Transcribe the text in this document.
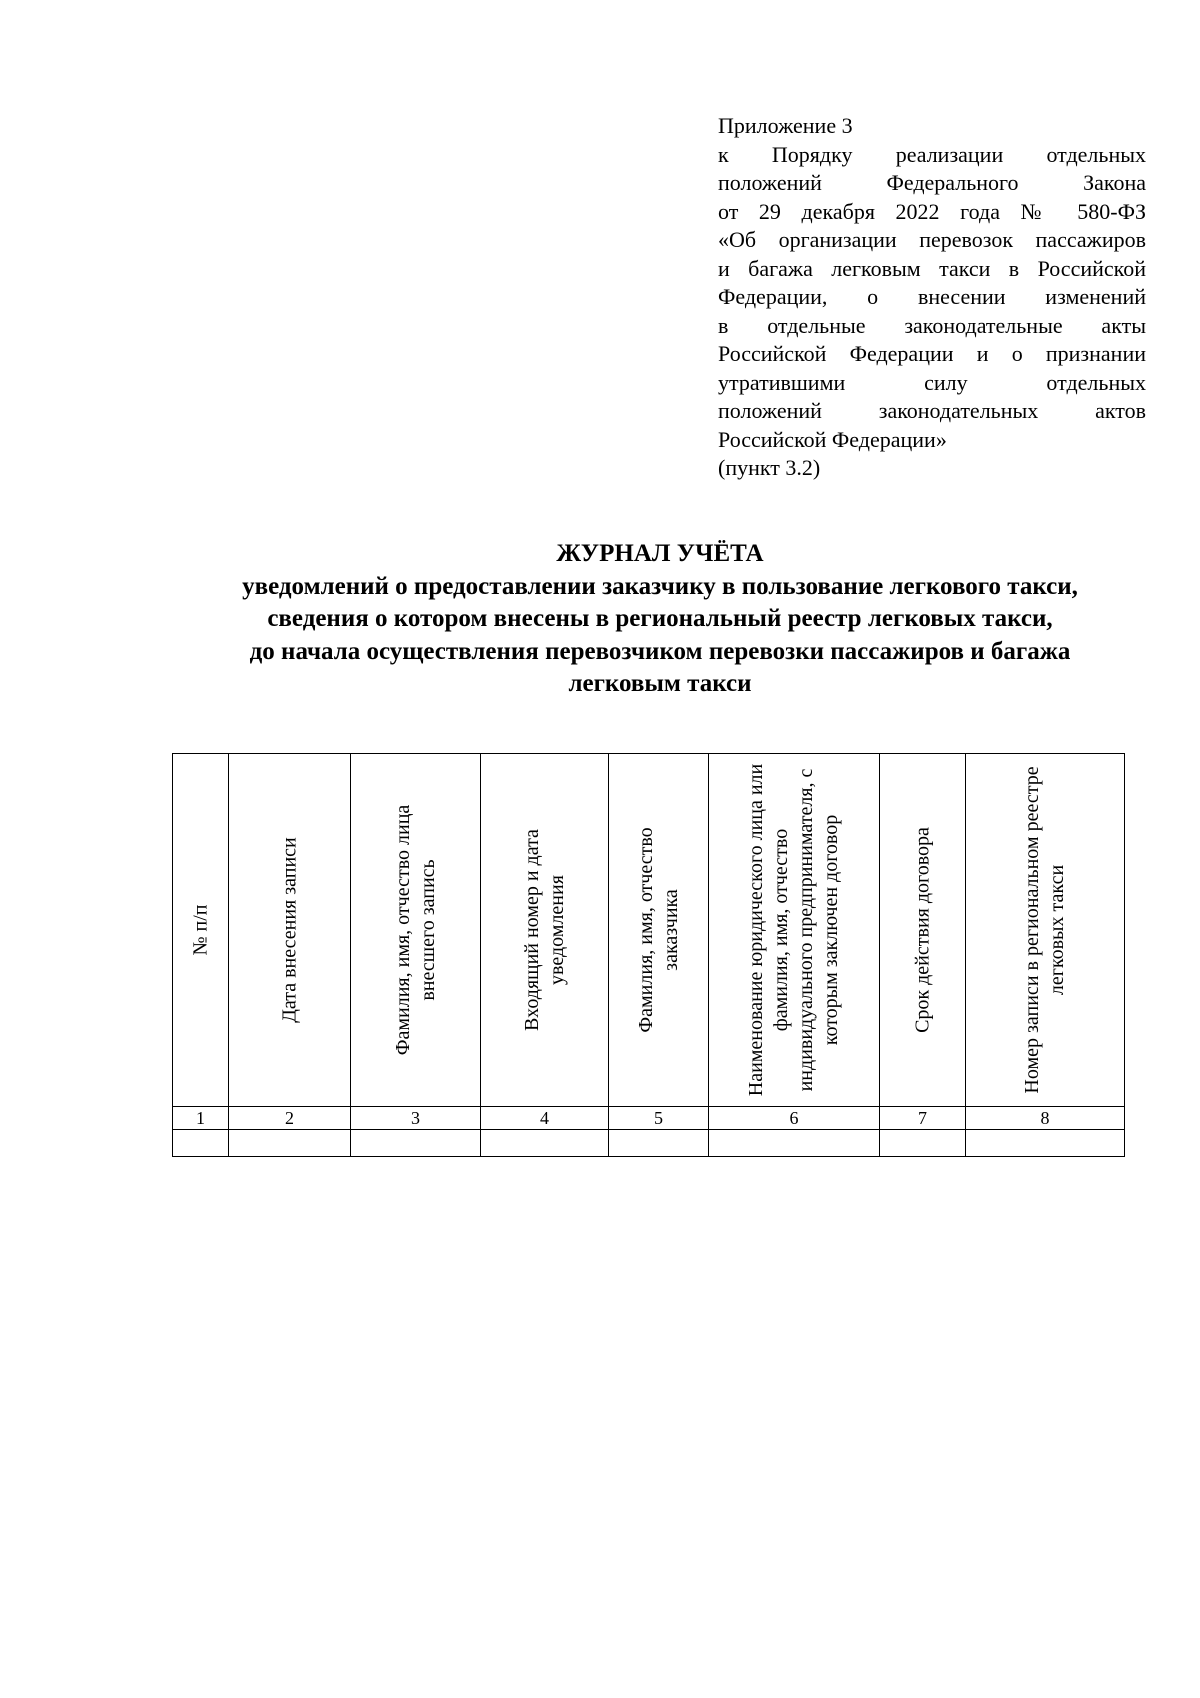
Приложение 3
к Порядку реализации отдельных
положений Федерального Закона
от 29 декабря 2022 года № 580-ФЗ
«Об организации перевозок пассажиров
и багажа легковым такси в Российской
Федерации, о внесении изменений
в отдельные законодательные акты
Российской Федерации и о признании
утратившими силу отдельных
положений законодательных актов
Российской Федерации»
(пункт 3.2)
ЖУРНАЛ УЧЁТА
уведомлений о предоставлении заказчику в пользование легкового такси,
сведения о котором внесены в региональный реестр легковых такси,
до начала осуществления перевозчиком перевозки пассажиров и багажа
легковым такси
№ п/п	Дата внесения записи	Фамилия, имя, отчество лица внесшего запись	Входящий номер и дата уведомления	Фамилия, имя, отчество заказчика	Наименование юридического лица или фамилия, имя, отчество индивидуального предпринимателя, с которым заключен договор	Срок действия договора	Номер записи в региональном реестре легковых такси

1	2	3	4	5	6	7	8
